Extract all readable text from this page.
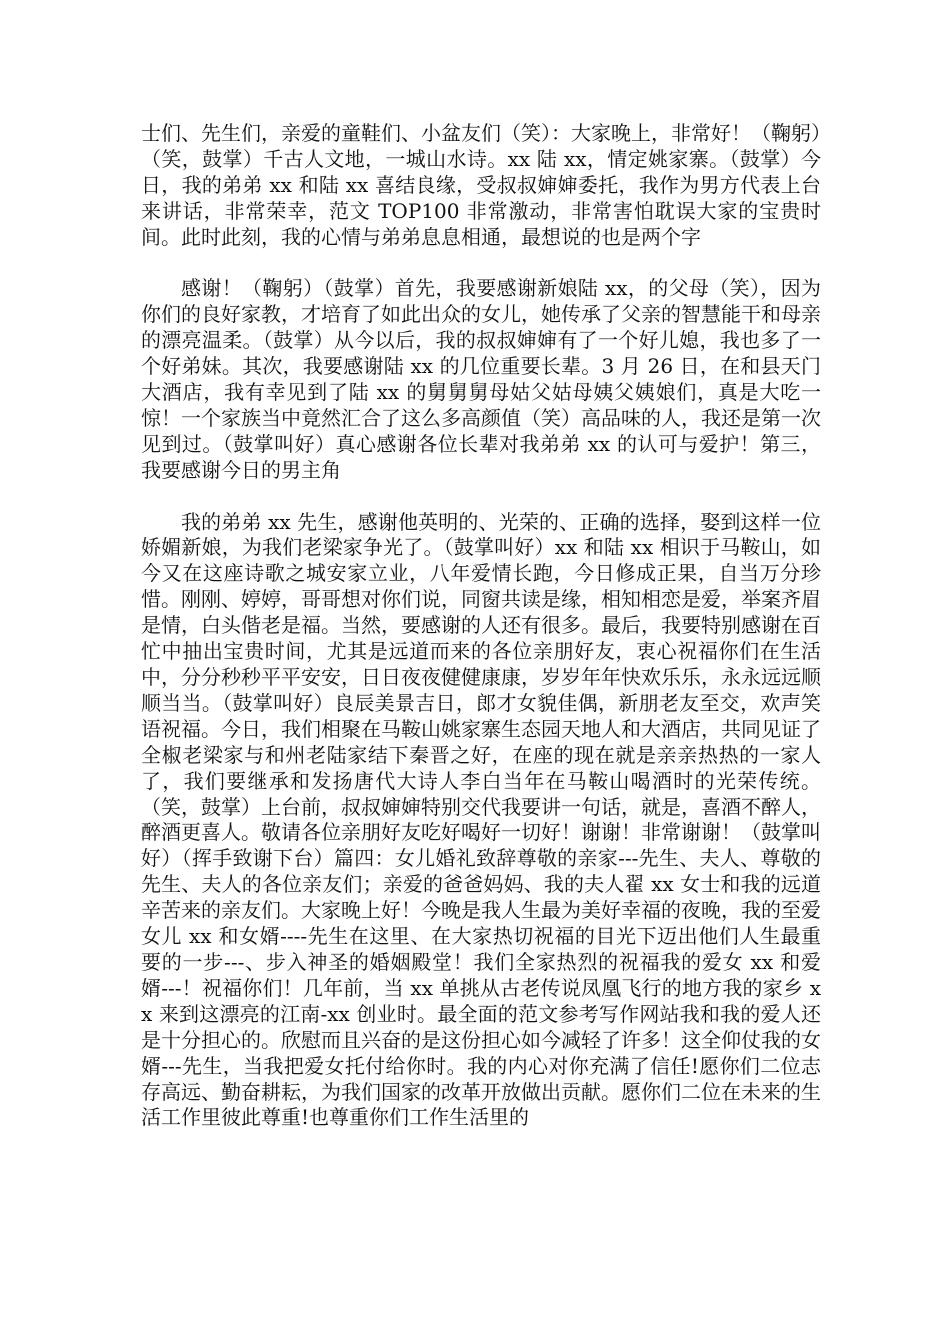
士们、先生们，亲爱的童鞋们、小盆友们（笑）：大家晚上，非常好！（鞠躬）（笑，鼓掌）千古人文地，一城山水诗。xx 陆 xx，情定姚家寨。（鼓掌）今日，我的弟弟 xx 和陆 xx 喜结良缘，受叔叔婶婶委托，我作为男方代表上台来讲话，非常荣幸，范文 TOP100 非常激动，非常害怕耽误大家的宝贵时间。此时此刻，我的心情与弟弟息息相通，最想说的也是两个字

感谢！（鞠躬）（鼓掌）首先，我要感谢新娘陆 xx，的父母（笑），因为你们的良好家教，才培育了如此出众的女儿，她传承了父亲的智慧能干和母亲的漂亮温柔。（鼓掌）从今以后，我的叔叔婶婶有了一个好儿媳，我也多了一个好弟妹。其次，我要感谢陆 xx 的几位重要长辈。3 月 26 日，在和县天门大酒店，我有幸见到了陆 xx 的舅舅舅母姑父姑母姨父姨娘们，真是大吃一惊！一个家族当中竟然汇合了这么多高颜值（笑）高品味的人，我还是第一次见到过。（鼓掌叫好）真心感谢各位长辈对我弟弟 xx 的认可与爱护！第三，我要感谢今日的男主角

我的弟弟 xx 先生，感谢他英明的、光荣的、正确的选择，娶到这样一位娇媚新娘，为我们老梁家争光了。（鼓掌叫好）xx 和陆 xx 相识于马鞍山，如今又在这座诗歌之城安家立业，八年爱情长跑，今日修成正果，自当万分珍惜。刚刚、婷婷，哥哥想对你们说，同窗共读是缘，相知相恋是爱，举案齐眉是情，白头偕老是福。当然，要感谢的人还有很多。最后，我要特别感谢在百忙中抽出宝贵时间，尤其是远道而来的各位亲朋好友，衷心祝福你们在生活中，分分秒秒平平安安，日日夜夜健健康康，岁岁年年快欢乐乐，永永远远顺顺当当。（鼓掌叫好）良辰美景吉日，郎才女貌佳偶，新朋老友至交，欢声笑语祝福。今日，我们相聚在马鞍山姚家寨生态园天地人和大酒店，共同见证了全椒老梁家与和州老陆家结下秦晋之好，在座的现在就是亲亲热热的一家人了，我们要继承和发扬唐代大诗人李白当年在马鞍山喝酒时的光荣传统。（笑，鼓掌）上台前，叔叔婶婶特别交代我要讲一句话，就是，喜酒不醉人，醉酒更喜人。敬请各位亲朋好友吃好喝好一切好！谢谢！非常谢谢！（鼓掌叫好）（挥手致谢下台）篇四：女儿婚礼致辞尊敬的亲家---先生、夫人、尊敬的先生、夫人的各位亲友们；亲爱的爸爸妈妈、我的夫人翟 xx 女士和我的远道辛苦来的亲友们。大家晚上好！今晚是我人生最为美好幸福的夜晚，我的至爱女儿 xx 和女婿----先生在这里、在大家热切祝福的目光下迈出他们人生最重要的一步---、步入神圣的婚姻殿堂！我们全家热烈的祝福我的爱女 xx 和爱婿---！祝福你们！几年前，当 xx 单挑从古老传说凤凰飞行的地方我的家乡 xx 来到这漂亮的江南-xx 创业时。最全面的范文参考写作网站我和我的爱人还是十分担心的。欣慰而且兴奋的是这份担心如今减轻了许多！这全仰仗我的女婿---先生，当我把爱女托付给你时。我的内心对你充满了信任!愿你们二位志存高远、勤奋耕耘，为我们国家的改革开放做出贡献。愿你们二位在未来的生活工作里彼此尊重!也尊重你们工作生活里的
